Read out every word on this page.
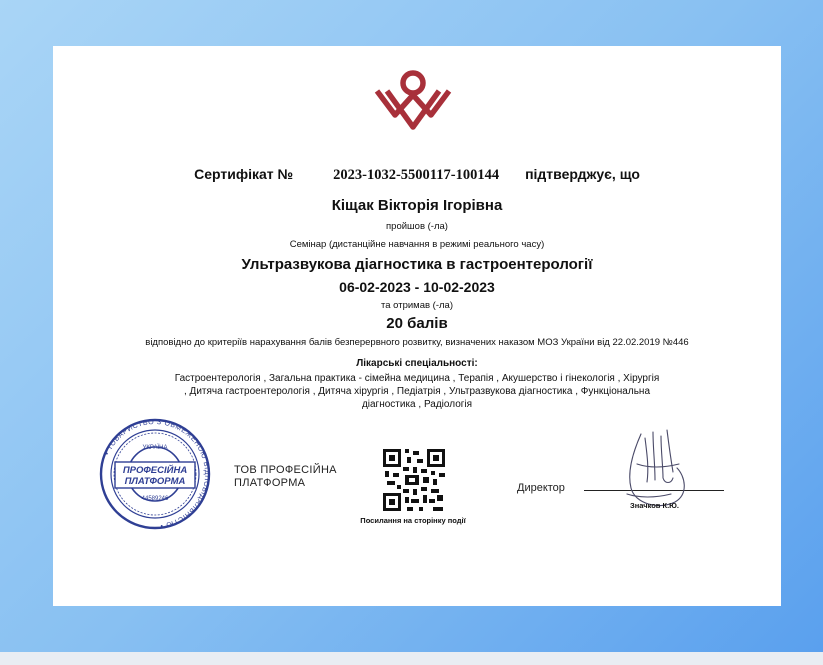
Сертифікат №	2023-1032-5500117-100144 підтверджує, що
Кіщак Вікторія Ігорівна
пройшов (-ла)
Семінар (дистанційне навчання в режимі реального часу)
Ультразвукова діагностика в гастроентерології
06-02-2023 - 10-02-2023
та отримав (-ла)
20 балів
відповідно до критеріїв нарахування балів безперервного розвитку, визначених наказом МОЗ України від 22.02.2019 №446
Лікарські спеціальності:
Гастроентерологія , Загальна практика - сімейна медицина , Терапія , Акушерство і гінекологія , Хірургія , Дитяча гастроентерологія , Дитяча хірургія , Педіатрія , Ультразвукова діагностика , Функціональна діагностика , Радіологія
• ТОВАРИСТВО З ОБМЕЖЕНОЮ ВІДПОВІДАЛЬНІСТЮ •
УКРАЇНА
ПРОФЕСІЙНА
ПЛАТФОРМА
44589246
ТОВ ПРОФЕСІЙНА
ПЛАТФОРМА
Посилання на сторінку події
Директор
Значков К.Ю.
